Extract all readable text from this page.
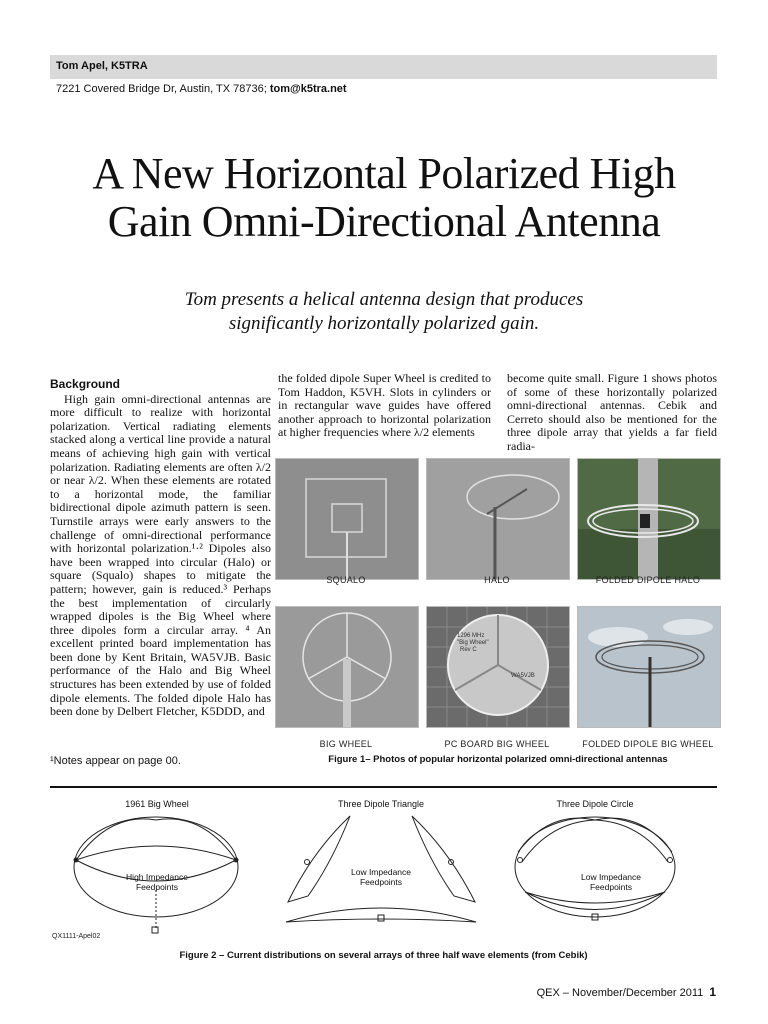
Tom Apel, K5TRA
7221 Covered Bridge Dr, Austin, TX 78736; tom@k5tra.net
A New Horizontal Polarized High
Gain Omni-Directional Antenna
Tom presents a helical antenna design that produces
significantly horizontally polarized gain.
Background
High gain omni-directional antennas are more difficult to realize with horizontal polarization. Vertical radiating elements stacked along a vertical line provide a natural means of achieving high gain with vertical polarization. Radiating elements are often λ/2 or near λ/2. When these elements are rotated to a horizontal mode, the familiar bidirectional dipole azimuth pattern is seen. Turnstile arrays were early answers to the challenge of omni-directional performance with horizontal polarization.¹·² Dipoles also have been wrapped into circular (Halo) or square (Squalo) shapes to mitigate the pattern; however, gain is reduced.³ Perhaps the best implementation of circularly wrapped dipoles is the Big Wheel where three dipoles form a circular array. ⁴ An excellent printed board implementation has been done by Kent Britain, WA5VJB. Basic performance of the Halo and Big Wheel structures has been extended by use of folded dipole elements. The folded dipole Halo has been done by Delbert Fletcher, K5DDD, and
the folded dipole Super Wheel is credited to Tom Haddon, K5VH. Slots in cylinders or in rectangular wave guides have offered another approach to horizontal polarization at higher frequencies where λ/2 elements
become quite small. Figure 1 shows photos of some of these horizontally polarized omni-directional antennas. Cebik and Cerreto should also be mentioned for the three dipole array that yields a far field radia-
SQUALO	HALO	FOLDED DIPOLE HALO
BIG WHEEL
1296 MHz
"Big Wheel"
Rev C
WA5VJB
PC BOARD BIG WHEEL	FOLDED DIPOLE BIG WHEEL
¹Notes appear on page 00.	Figure 1– Photos of popular horizontal polarized omni-directional antennas
1961 Big Wheel	Three Dipole Triangle	Three Dipole Circle
High Impedance
Feedpoints
QX1111-Apel02
Low Impedance
Feedpoints	Low Impedance
Feedpoints
Figure 2 – Current distributions on several arrays of three half wave elements (from Cebik)
QEX – November/December 2011 1
